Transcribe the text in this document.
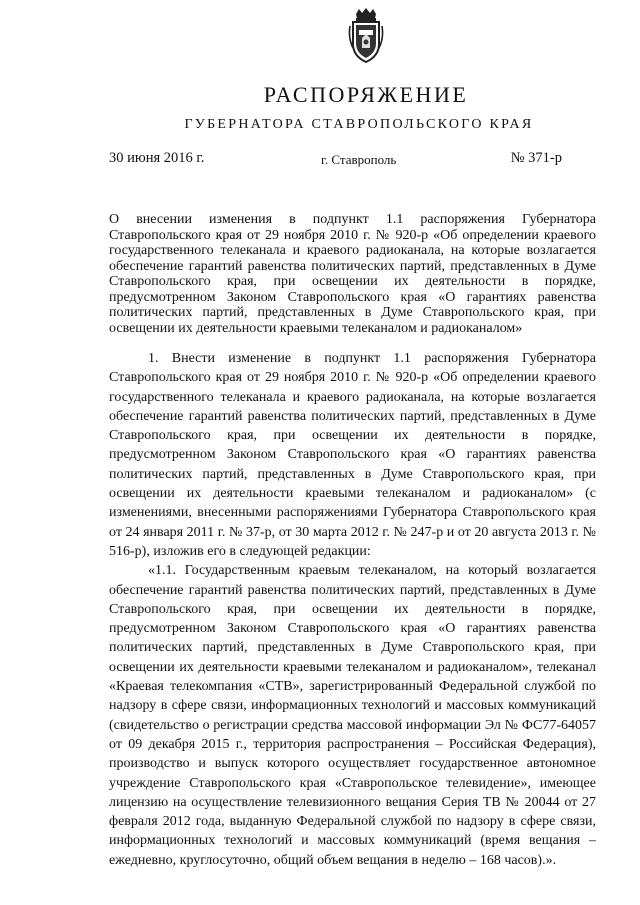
РАСПОРЯЖЕНИЕ
ГУБЕРНАТОРА СТАВРОПОЛЬСКОГО КРАЯ
30 июня 2016 г.	г. Ставрополь	№ 371-р
О внесении изменения в подпункт 1.1 распоряжения Губернатора Ставропольского края от 29 ноября 2010 г. № 920-р «Об определении краевого государственного телеканала и краевого радиоканала, на которые возлагается обеспечение гарантий равенства политических партий, представленных в Думе Ставропольского края, при освещении их деятельности в порядке, предусмотренном Законом Ставропольского края «О гарантиях равенства политических партий, представленных в Думе Ставропольского края, при освещении их деятельности краевыми телеканалом и радиоканалом»

1. Внести изменение в подпункт 1.1 распоряжения Губернатора Ставропольского края от 29 ноября 2010 г. № 920-р «Об определении краевого государственного телеканала и краевого радиоканала, на которые возлагается обеспечение гарантий равенства политических партий, представленных в Думе Ставропольского края, при освещении их деятельности в порядке, предусмотренном Законом Ставропольского края «О гарантиях равенства политических партий, представленных в Думе Ставропольского края, при освещении их деятельности краевыми телеканалом и радиоканалом» (с изменениями, внесенными распоряжениями Губернатора Ставропольского края от 24 января 2011 г. № 37-р, от 30 марта 2012 г. № 247-р и от 20 августа 2013 г. № 516-р), изложив его в следующей редакции:

«1.1. Государственным краевым телеканалом, на который возлагается обеспечение гарантий равенства политических партий, представленных в Думе Ставропольского края, при освещении их деятельности в порядке, предусмотренном Законом Ставропольского края «О гарантиях равенства политических партий, представленных в Думе Ставропольского края, при освещении их деятельности краевыми телеканалом и радиоканалом», телеканал «Краевая телекомпания «СТВ», зарегистрированный Федеральной службой по надзору в сфере связи, информационных технологий и массовых коммуникаций (свидетельство о регистрации средства массовой информации Эл № ФС77-64057 от 09 декабря 2015 г., территория распространения – Российская Федерация), производство и выпуск которого осуществляет государственное автономное учреждение Ставропольского края «Ставропольское телевидение», имеющее лицензию на осуществление телевизионного вещания Серия ТВ № 20044 от 27 февраля 2012 года, выданную Федеральной службой по надзору в сфере связи, информационных технологий и массовых коммуникаций (время вещания – ежедневно, круглосуточно, общий объем вещания в неделю – 168 часов).».
